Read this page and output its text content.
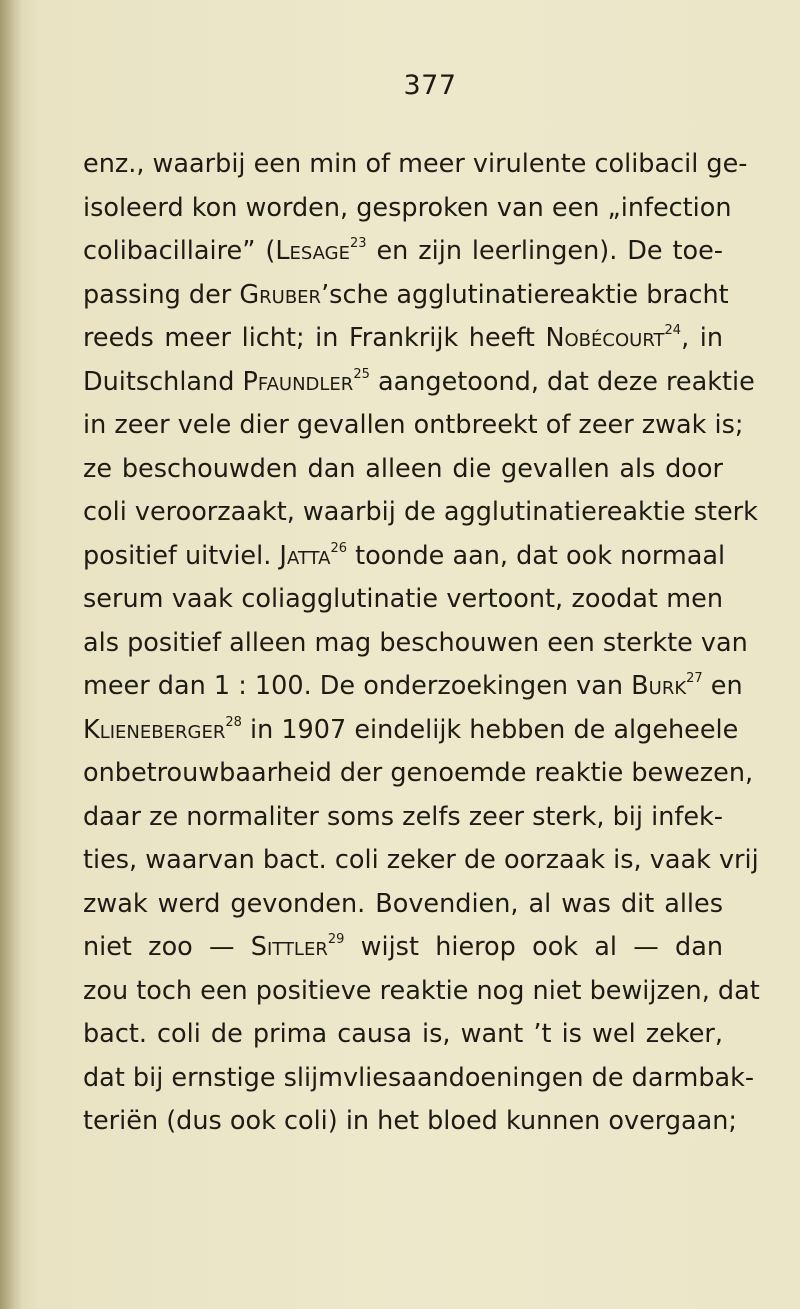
377
enz., waarbij een min of meer virulente colibacil ge-
isoleerd kon worden, gesproken van een „infection
colibacillaire” (Lesage$^{23}$ en zijn leerlingen). De toe-
passing der Gruber’sche agglutinatiereaktie bracht
reeds meer licht; in Frankrijk heeft Nobécourt$^{24}$, in
Duitschland Pfaundler$^{25}$ aangetoond, dat deze reaktie
in zeer vele dier gevallen ontbreekt of zeer zwak is;
ze beschouwden dan alleen die gevallen als door
coli veroorzaakt, waarbij de agglutinatiereaktie sterk
positief uitviel. Jatta$^{26}$ toonde aan, dat ook normaal
serum vaak coliagglutinatie vertoont, zoodat men
als positief alleen mag beschouwen een sterkte van
meer dan 1 : 100. De onderzoekingen van Burk$^{27}$ en
Klieneberger$^{28}$ in 1907 eindelijk hebben de algeheele
onbetrouwbaarheid der genoemde reaktie bewezen,
daar ze normaliter soms zelfs zeer sterk, bij infek-
ties, waarvan bact. coli zeker de oorzaak is, vaak vrij
zwak werd gevonden. Bovendien, al was dit alles
niet zoo — Sittler$^{29}$ wijst hierop ook al — dan
zou toch een positieve reaktie nog niet bewijzen, dat
bact. coli de prima causa is, want ’t is wel zeker,
dat bij ernstige slijmvliesaandoeningen de darmbak-
teriën (dus ook coli) in het bloed kunnen overgaan;
